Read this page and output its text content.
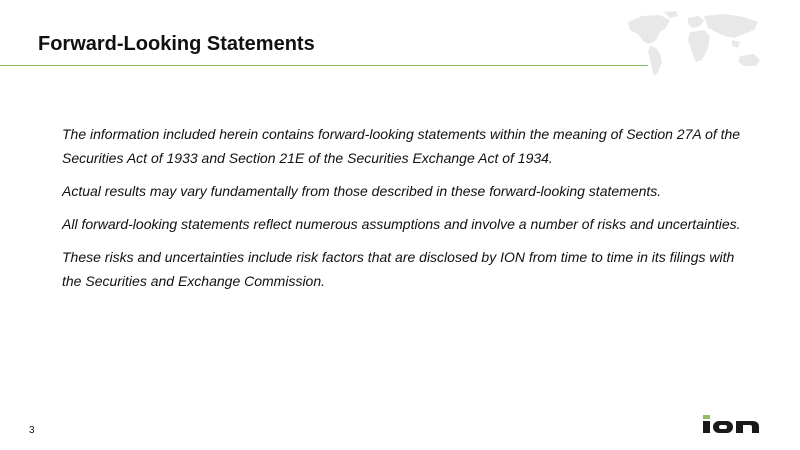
Forward-Looking Statements

The information included herein contains forward-looking statements within the meaning of Section 27A of the Securities Act of 1933 and Section 21E of the Securities Exchange Act of 1934.

Actual results may vary fundamentally from those described in these forward-looking statements.

All forward-looking statements reflect numerous assumptions and involve a number of risks and uncertainties.

These risks and uncertainties include risk factors that are disclosed by ION from time to time in its filings with the Securities and Exchange Commission.

3
